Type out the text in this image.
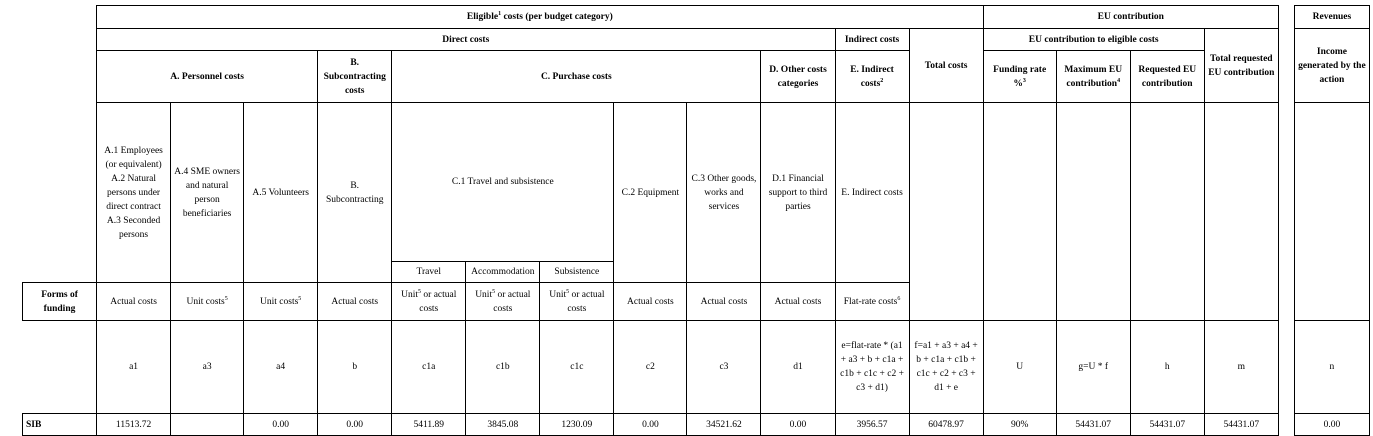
	Eligible$^1$ costs (per budget category)												EU contribution					Revenues
	Direct costs										Indirect costs	Total costs	EU contribution to eligible costs			Total requested EU contribution		Income generated by the action
	A. Personnel costs			B. Subcontracting costs	C. Purchase costs					D. Other costs categories	E. Indirect costs$^2$		Funding rate %$^3$	Maximum EU contribution$^4$	Requested EU contribution			
	A.1 Employees (or equivalent) A.2 Natural persons under direct contract A.3 Seconded persons	A.4 SME owners and natural person beneficiaries	A.5 Volunteers	B. Subcontracting	C.1 Travel and subsistence			C.2 Equipment	C.3 Other goods, works and services	D.1 Financial support to third parties	E. Indirect costs							
					Travel	Accommodation	Subsistence											
Forms of funding	Actual costs	Unit costs$^5$	Unit costs$^5$	Actual costs	Unit$^5$ or actual costs	Unit$^5$ or actual costs	Unit$^5$ or actual costs	Actual costs	Actual costs	Actual costs	Flat-rate costs$^6$
	a1	a3	a4	b	c1a	c1b	c1c	c2	c3	d1	e=flat-rate * (a1 + a3 + b + c1a + c1b + c1c + c2 + c3 + d1)	f=a1 + a3 + a4 + b + c1a + c1b + c1c + c2 + c3 + d1 + e	U	g=U * f	h	m		n
SIB	11513.72		0.00	0.00	5411.89	3845.08	1230.09	0.00	34521.62	0.00	3956.57	60478.97	90%	54431.07	54431.07	54431.07		0.00
